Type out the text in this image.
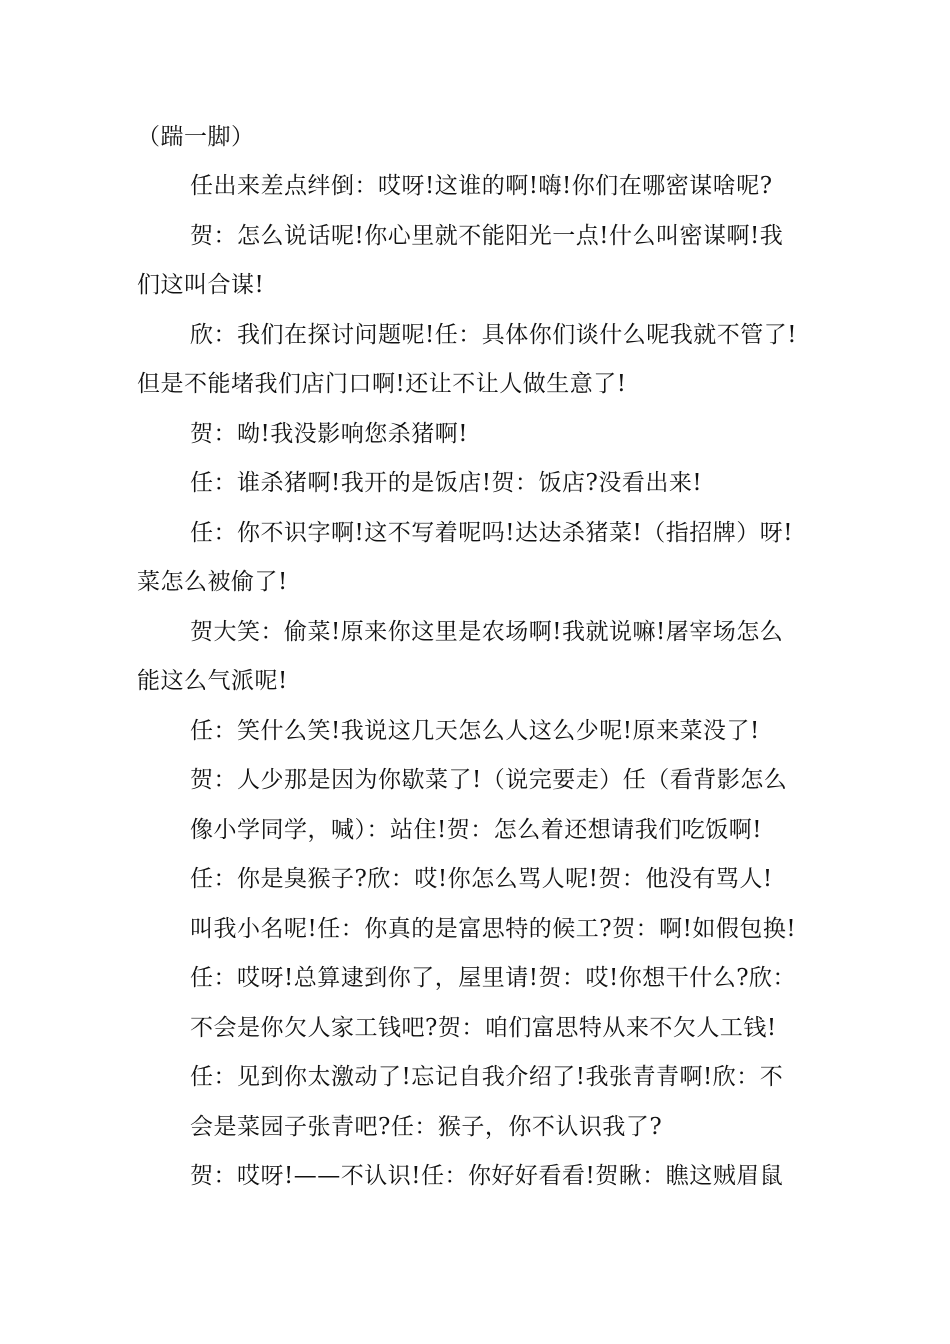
（踹一脚）
任出来差点绊倒：哎呀!这谁的啊!嗨!你们在哪密谋啥呢?
贺：怎么说话呢!你心里就不能阳光一点!什么叫密谋啊!我
们这叫合谋!
欣：我们在探讨问题呢!任：具体你们谈什么呢我就不管了!
但是不能堵我们店门口啊!还让不让人做生意了!
贺：呦!我没影响您杀猪啊!
任：谁杀猪啊!我开的是饭店!贺：饭店?没看出来!
任：你不识字啊!这不写着呢吗!达达杀猪菜!（指招牌）呀!
菜怎么被偷了!
贺大笑：偷菜!原来你这里是农场啊!我就说嘛!屠宰场怎么
能这么气派呢!
任：笑什么笑!我说这几天怎么人这么少呢!原来菜没了!
贺：人少那是因为你歇菜了!（说完要走）任（看背影怎么
像小学同学，喊）：站住!贺：怎么着还想请我们吃饭啊!
任：你是臭猴子?欣：哎!你怎么骂人呢!贺：他没有骂人!
叫我小名呢!任：你真的是富思特的候工?贺：啊!如假包换!
任：哎呀!总算逮到你了，屋里请!贺：哎!你想干什么?欣：
不会是你欠人家工钱吧?贺：咱们富思特从来不欠人工钱!
任：见到你太激动了!忘记自我介绍了!我张青青啊!欣：不
会是菜园子张青吧?任：猴子，你不认识我了?
贺：哎呀!——不认识!任：你好好看看!贺瞅：瞧这贼眉鼠
